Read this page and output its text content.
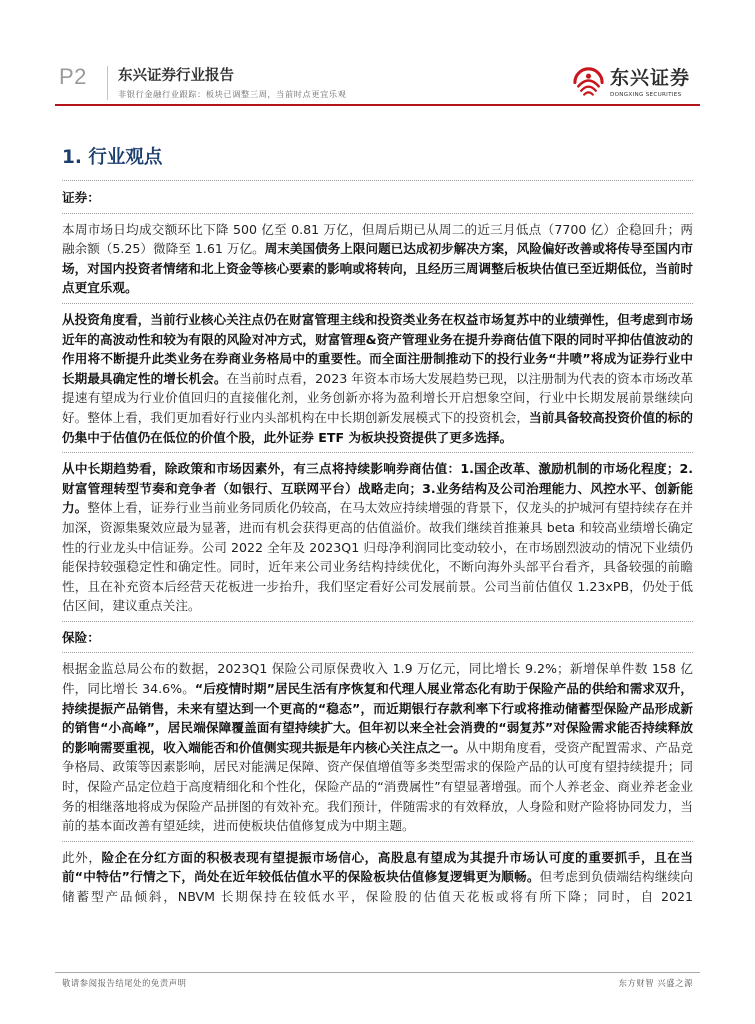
P2 东兴证券行业报告
非银行金融行业跟踪：板块已调整三周，当前时点更宜乐观
东兴证券
DONGXING SECURITIES
1. 行业观点
证券：

本周市场日均成交额环比下降 500 亿至 0.81 万亿，但周后期已从周二的近三月低点（7700 亿）企稳回升；两融余额（5.25）微降至 1.61 万亿。周末美国债务上限问题已达成初步解决方案，风险偏好改善或将传导至国内市场，对国内投资者情绪和北上资金等核心要素的影响或将转向，且经历三周调整后板块估值已至近期低位，当前时点更宜乐观。

从投资角度看，当前行业核心关注点仍在财富管理主线和投资类业务在权益市场复苏中的业绩弹性，但考虑到市场近年的高波动性和较为有限的风险对冲方式，财富管理&资产管理业务在提升券商估值下限的同时平抑估值波动的作用将不断提升此类业务在券商业务格局中的重要性。而全面注册制推动下的投行业务“井喷”将成为证券行业中长期最具确定性的增长机会。在当前时点看，2023 年资本市场大发展趋势已现，以注册制为代表的资本市场改革提速有望成为行业价值回归的直接催化剂，业务创新亦将为盈利增长开启想象空间，行业中长期发展前景继续向好。整体上看，我们更加看好行业内头部机构在中长期创新发展模式下的投资机会，当前具备较高投资价值的标的仍集中于估值仍在低位的价值个股，此外证券 ETF 为板块投资提供了更多选择。

从中长期趋势看，除政策和市场因素外，有三点将持续影响券商估值：1.国企改革、激励机制的市场化程度；2.财富管理转型节奏和竞争者（如银行、互联网平台）战略走向；3.业务结构及公司治理能力、风控水平、创新能力。整体上看，证券行业当前业务同质化仍较高，在马太效应持续增强的背景下，仅龙头的护城河有望持续存在并加深，资源集聚效应最为显著，进而有机会获得更高的估值溢价。故我们继续首推兼具 beta 和较高业绩增长确定性的行业龙头中信证券。公司 2022 全年及 2023Q1 归母净利润同比变动较小，在市场剧烈波动的情况下业绩仍能保持较强稳定性和确定性。同时，近年来公司业务结构持续优化，不断向海外头部平台看齐，具备较强的前瞻性，且在补充资本后经营天花板进一步抬升，我们坚定看好公司发展前景。公司当前估值仅 1.23xPB，仍处于低估区间，建议重点关注。

保险：

根据金监总局公布的数据，2023Q1 保险公司原保费收入 1.9 万亿元，同比增长 9.2%；新增保单件数 158 亿件，同比增长 34.6%。“后疫情时期”居民生活有序恢复和代理人展业常态化有助于保险产品的供给和需求双升，持续提振产品销售，未来有望达到一个更高的“稳态”，而近期银行存款利率下行或将推动储蓄型保险产品形成新的销售“小高峰”，居民端保障覆盖面有望持续扩大。但年初以来全社会消费的“弱复苏”对保险需求能否持续释放的影响需要重视，收入端能否和价值侧实现共振是年内核心关注点之一。从中期角度看，受资产配置需求、产品竞争格局、政策等因素影响，居民对能满足保障、资产保值增值等多类型需求的保险产品的认可度有望持续提升；同时，保险产品定位趋于高度精细化和个性化，保险产品的“消费属性”有望显著增强。而个人养老金、商业养老金业务的相继落地将成为保险产品拼图的有效补充。我们预计，伴随需求的有效释放，人身险和财产险将协同发力，当前的基本面改善有望延续，进而使板块估值修复成为中期主题。

此外，险企在分红方面的积极表现有望提振市场信心，高股息有望成为其提升市场认可度的重要抓手，且在当前“中特估”行情之下，尚处在近年较低估值水平的保险板块估值修复逻辑更为顺畅。但考虑到负债端结构继续向储蓄型产品倾斜，NBVM 长期保持在较低水平，保险股的估值天花板或将有所下降；同时，自 2021

敬请参阅报告结尾处的免责声明	东方财智 兴盛之源
